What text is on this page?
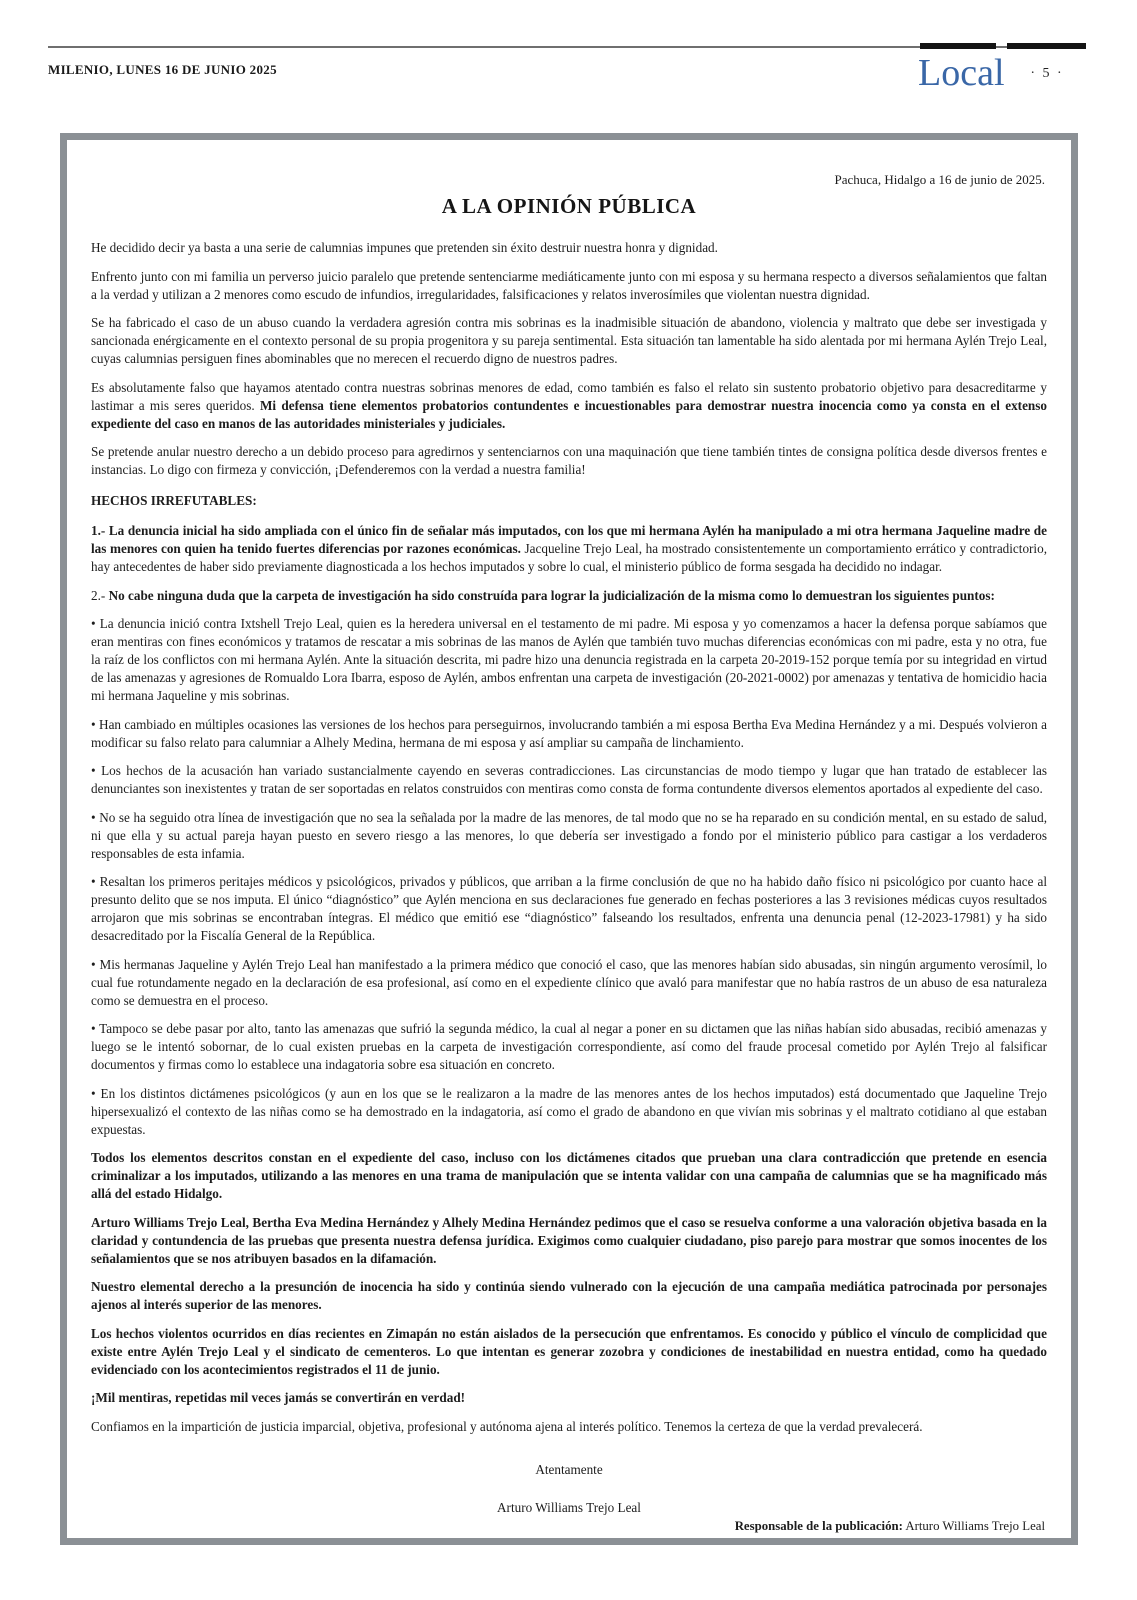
MILENIO, LUNES 16 DE JUNIO 2025	Local	· 5 ·
Pachuca, Hidalgo a 16 de junio de 2025.
A LA OPINIÓN PÚBLICA

He decidido decir ya basta a una serie de calumnias impunes que pretenden sin éxito destruir nuestra honra y dignidad.

Enfrento junto con mi familia un perverso juicio paralelo que pretende sentenciarme mediáticamente junto con mi esposa y su hermana respecto a diversos señalamientos que faltan a la verdad y utilizan a 2 menores como escudo de infundios, irregularidades, falsificaciones y relatos inverosímiles que violentan nuestra dignidad.

Se ha fabricado el caso de un abuso cuando la verdadera agresión contra mis sobrinas es la inadmisible situación de abandono, violencia y maltrato que debe ser investigada y sancionada enérgicamente en el contexto personal de su propia progenitora y su pareja sentimental. Esta situación tan lamentable ha sido alentada por mi hermana Aylén Trejo Leal, cuyas calumnias persiguen fines abominables que no merecen el recuerdo digno de nuestros padres.

Es absolutamente falso que hayamos atentado contra nuestras sobrinas menores de edad, como también es falso el relato sin sustento probatorio objetivo para desacreditarme y lastimar a mis seres queridos. Mi defensa tiene elementos probatorios contundentes e incuestionables para demostrar nuestra inocencia como ya consta en el extenso expediente del caso en manos de las autoridades ministeriales y judiciales.

Se pretende anular nuestro derecho a un debido proceso para agredirnos y sentenciarnos con una maquinación que tiene también tintes de consigna política desde diversos frentes e instancias. Lo digo con firmeza y convicción, ¡Defenderemos con la verdad a nuestra familia!

HECHOS IRREFUTABLES:

1.- La denuncia inicial ha sido ampliada con el único fin de señalar más imputados, con los que mi hermana Aylén ha manipulado a mi otra hermana Jaqueline madre de las menores con quien ha tenido fuertes diferencias por razones económicas. Jacqueline Trejo Leal, ha mostrado consistentemente un comportamiento errático y contradictorio, hay antecedentes de haber sido previamente diagnosticada a los hechos imputados y sobre lo cual, el ministerio público de forma sesgada ha decidido no indagar.

2.- No cabe ninguna duda que la carpeta de investigación ha sido construída para lograr la judicialización de la misma como lo demuestran los siguientes puntos:

• La denuncia inició contra Ixtshell Trejo Leal, quien es la heredera universal en el testamento de mi padre. Mi esposa y yo comenzamos a hacer la defensa porque sabíamos que eran mentiras con fines económicos y tratamos de rescatar a mis sobrinas de las manos de Aylén que también tuvo muchas diferencias económicas con mi padre, esta y no otra, fue la raíz de los conflictos con mi hermana Aylén. Ante la situación descrita, mi padre hizo una denuncia registrada en la carpeta 20-2019-152 porque temía por su integridad en virtud de las amenazas y agresiones de Romualdo Lora Ibarra, esposo de Aylén, ambos enfrentan una carpeta de investigación (20-2021-0002) por amenazas y tentativa de homicidio hacia mi hermana Jaqueline y mis sobrinas.

• Han cambiado en múltiples ocasiones las versiones de los hechos para perseguirnos, involucrando también a mi esposa Bertha Eva Medina Hernández y a mi. Después volvieron a modificar su falso relato para calumniar a Alhely Medina, hermana de mi esposa y así ampliar su campaña de linchamiento.

• Los hechos de la acusación han variado sustancialmente cayendo en severas contradicciones. Las circunstancias de modo tiempo y lugar que han tratado de establecer las denunciantes son inexistentes y tratan de ser soportadas en relatos construidos con mentiras como consta de forma contundente diversos elementos aportados al expediente del caso.

• No se ha seguido otra línea de investigación que no sea la señalada por la madre de las menores, de tal modo que no se ha reparado en su condición mental, en su estado de salud, ni que ella y su actual pareja hayan puesto en severo riesgo a las menores, lo que debería ser investigado a fondo por el ministerio público para castigar a los verdaderos responsables de esta infamia.

• Resaltan los primeros peritajes médicos y psicológicos, privados y públicos, que arriban a la firme conclusión de que no ha habido daño físico ni psicológico por cuanto hace al presunto delito que se nos imputa. El único “diagnóstico” que Aylén menciona en sus declaraciones fue generado en fechas posteriores a las 3 revisiones médicas cuyos resultados arrojaron que mis sobrinas se encontraban íntegras. El médico que emitió ese “diagnóstico” falseando los resultados, enfrenta una denuncia penal (12-2023-17981) y ha sido desacreditado por la Fiscalía General de la República.

• Mis hermanas Jaqueline y Aylén Trejo Leal han manifestado a la primera médico que conoció el caso, que las menores habían sido abusadas, sin ningún argumento verosímil, lo cual fue rotundamente negado en la declaración de esa profesional, así como en el expediente clínico que avaló para manifestar que no había rastros de un abuso de esa naturaleza como se demuestra en el proceso.

• Tampoco se debe pasar por alto, tanto las amenazas que sufrió la segunda médico, la cual al negar a poner en su dictamen que las niñas habían sido abusadas, recibió amenazas y luego se le intentó sobornar, de lo cual existen pruebas en la carpeta de investigación correspondiente, así como del fraude procesal cometido por Aylén Trejo al falsificar documentos y firmas como lo establece una indagatoria sobre esa situación en concreto.

• En los distintos dictámenes psicológicos (y aun en los que se le realizaron a la madre de las menores antes de los hechos imputados) está documentado que Jaqueline Trejo hipersexualizó el contexto de las niñas como se ha demostrado en la indagatoria, así como el grado de abandono en que vivían mis sobrinas y el maltrato cotidiano al que estaban expuestas.

Todos los elementos descritos constan en el expediente del caso, incluso con los dictámenes citados que prueban una clara contradicción que pretende en esencia criminalizar a los imputados, utilizando a las menores en una trama de manipulación que se intenta validar con una campaña de calumnias que se ha magnificado más allá del estado Hidalgo.

Arturo Williams Trejo Leal, Bertha Eva Medina Hernández y Alhely Medina Hernández pedimos que el caso se resuelva conforme a una valoración objetiva basada en la claridad y contundencia de las pruebas que presenta nuestra defensa jurídica. Exigimos como cualquier ciudadano, piso parejo para mostrar que somos inocentes de los señalamientos que se nos atribuyen basados en la difamación.

Nuestro elemental derecho a la presunción de inocencia ha sido y continúa siendo vulnerado con la ejecución de una campaña mediática patrocinada por personajes ajenos al interés superior de las menores.

Los hechos violentos ocurridos en días recientes en Zimapán no están aislados de la persecución que enfrentamos. Es conocido y público el vínculo de complicidad que existe entre Aylén Trejo Leal y el sindicato de cementeros. Lo que intentan es generar zozobra y condiciones de inestabilidad en nuestra entidad, como ha quedado evidenciado con los acontecimientos registrados el 11 de junio.

¡Mil mentiras, repetidas mil veces jamás se convertirán en verdad!

Confiamos en la impartición de justicia imparcial, objetiva, profesional y autónoma ajena al interés político. Tenemos la certeza de que la verdad prevalecerá.

Atentamente
Arturo Williams Trejo Leal
Responsable de la publicación: Arturo Williams Trejo Leal
